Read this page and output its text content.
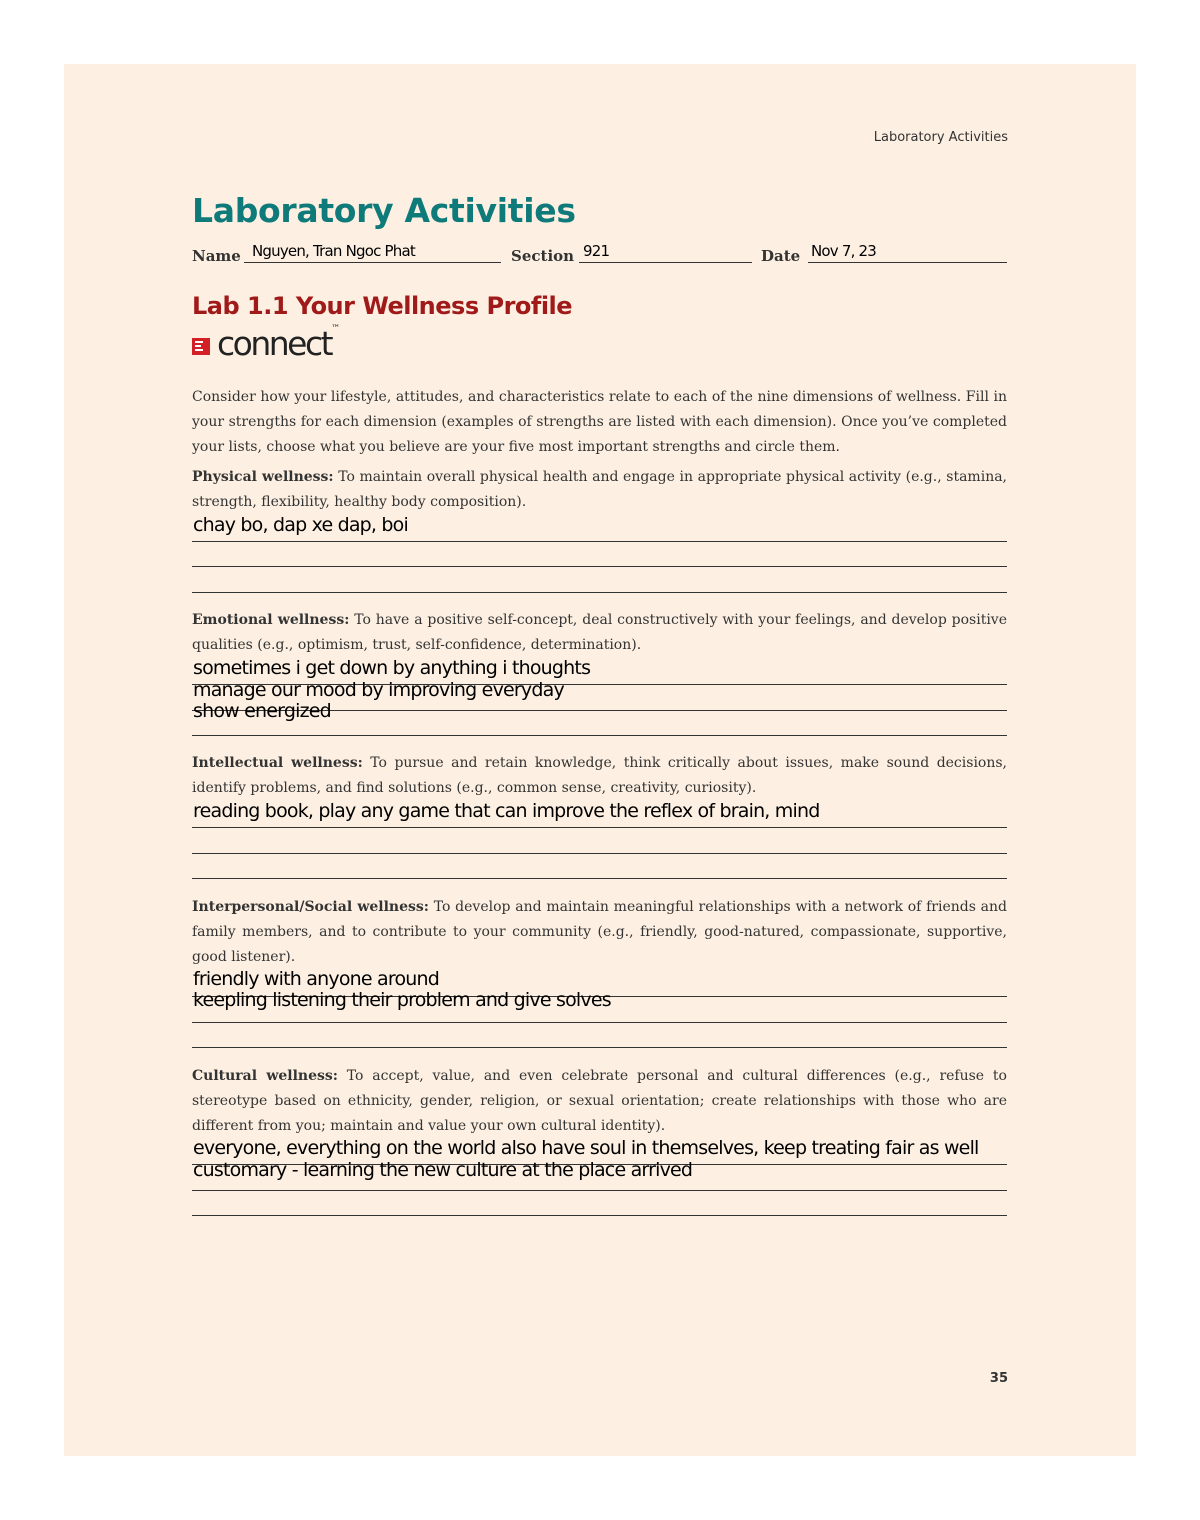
Laboratory Activities
Laboratory Activities
Name Nguyen, Tran Ngoc Phat	Section 921	Date Nov 7, 23
Lab 1.1 Your Wellness Profile
connect™
Consider how your lifestyle, attitudes, and characteristics relate to each of the nine dimensions of wellness. Fill in your strengths for each dimension (examples of strengths are listed with each dimension). Once you’ve completed your lists, choose what you believe are your five most important strengths and circle them.
Physical wellness: To maintain overall physical health and engage in appropriate physical activity (e.g., stamina, strength, flexibility, healthy body composition).
chay bo, dap xe dap, boi
Emotional wellness: To have a positive self-concept, deal constructively with your feelings, and develop positive qualities (e.g., optimism, trust, self-confidence, determination).
sometimes i get down by anything i thoughts
manage our mood by improving everyday
show energized
Intellectual wellness: To pursue and retain knowledge, think critically about issues, make sound decisions, identify problems, and find solutions (e.g., common sense, creativity, curiosity).
reading book, play any game that can improve the reflex of brain, mind
Interpersonal/Social wellness: To develop and maintain meaningful relationships with a network of friends and family members, and to contribute to your community (e.g., friendly, good-natured, compassionate, supportive, good listener).
friendly with anyone around
keepling listening their problem and give solves
Cultural wellness: To accept, value, and even celebrate personal and cultural differences (e.g., refuse to stereotype based on ethnicity, gender, religion, or sexual orientation; create relationships with those who are different from you; maintain and value your own cultural identity).
everyone, everything on the world also have soul in themselves, keep treating fair as well
customary - learning the new culture at the place arrived
35
